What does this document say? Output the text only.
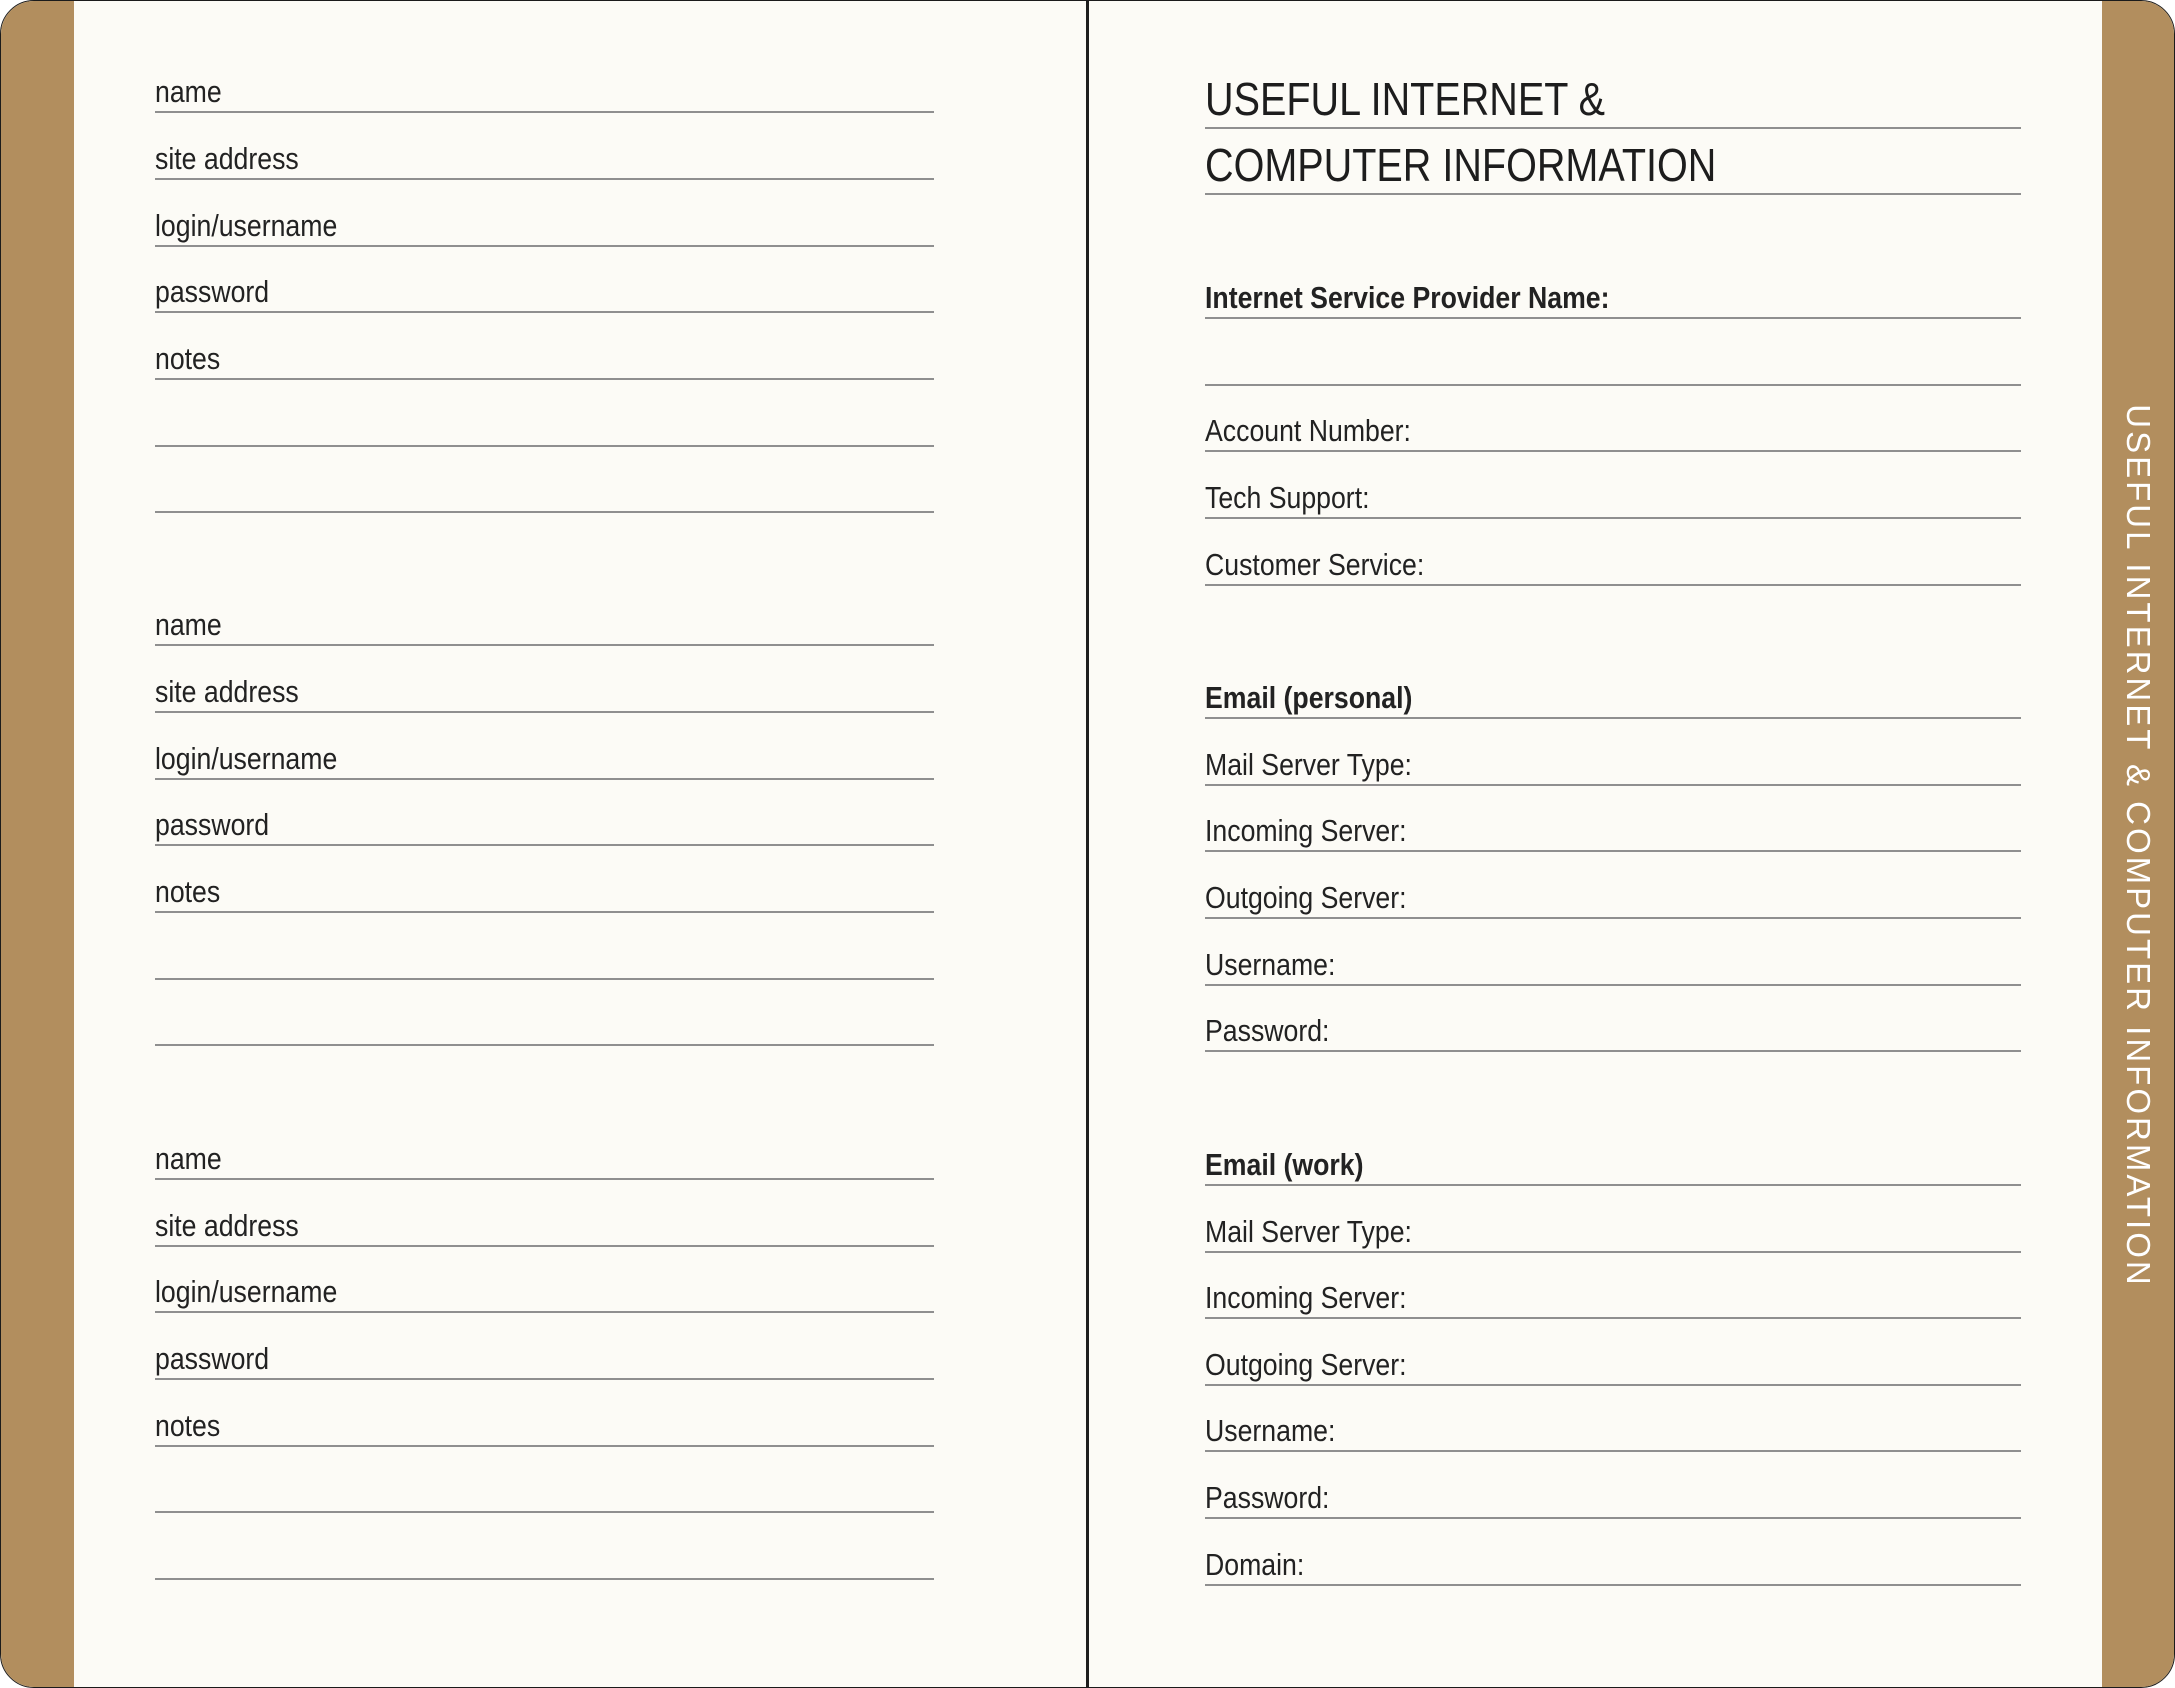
USEFUL INTERNET & COMPUTER INFORMATION
name
site address
login/username
password
notes
name
site address
login/username
password
notes
name
site address
login/username
password
notes
USEFUL INTERNET &
COMPUTER INFORMATION
Internet Service Provider Name:
Account Number:
Tech Support:
Customer Service:
Email (personal)
Mail Server Type:
Incoming Server:
Outgoing Server:
Username:
Password:
Email (work)
Mail Server Type:
Incoming Server:
Outgoing Server:
Username:
Password:
Domain:
